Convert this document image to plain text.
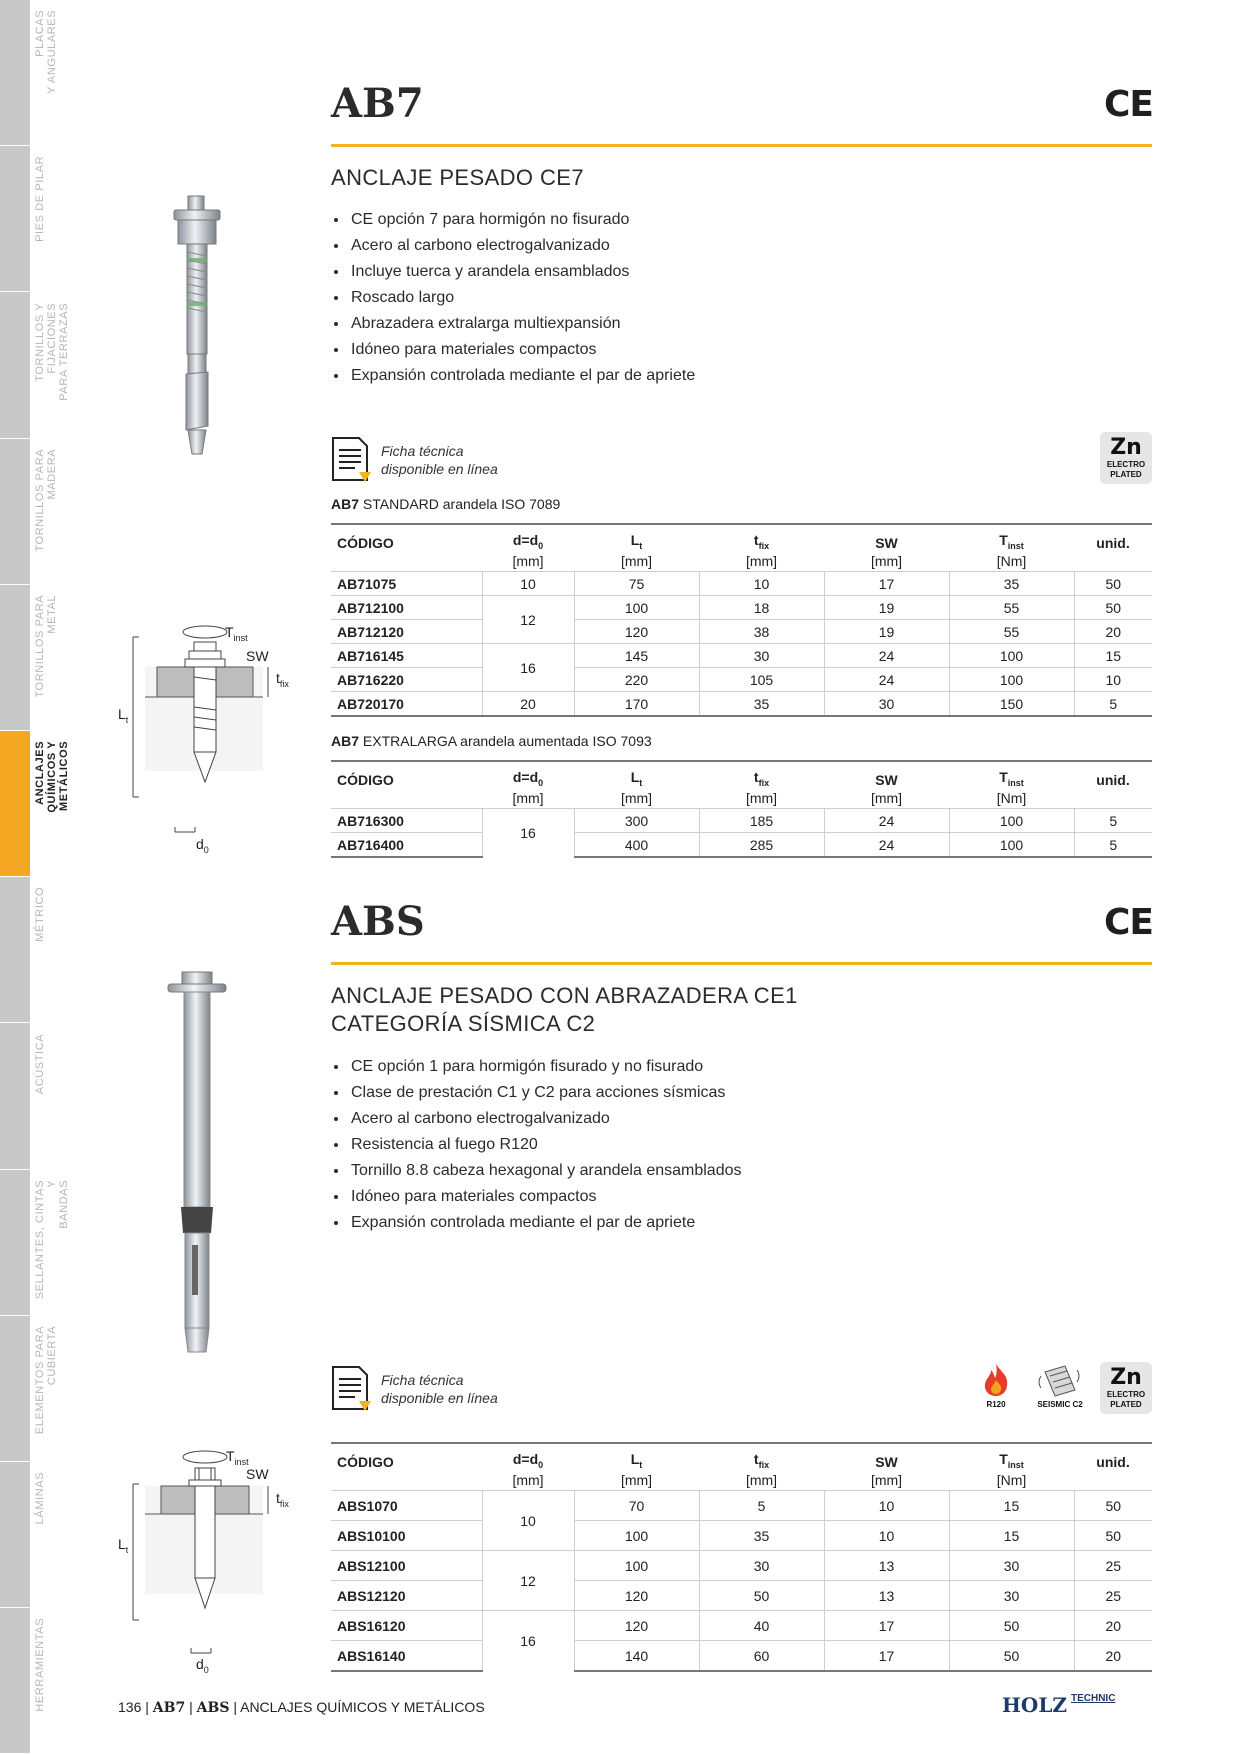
AB7	CE
ANCLAJE PESADO CE7
• CE opción 7 para hormigón no fisurado
• Acero al carbono electrogalvanizado
• Incluye tuerca y arandela ensamblados
• Roscado largo
• Abrazadera extralarga multiexpansión
• Idóneo para materiales compactos
• Expansión controlada mediante el par de apriete
$T_{inst}$
SW
$t_{fix}$
$L_t$
$d_0$
Ficha técnica
disponible en línea
Zn
ELECTRO
PLATED
AB7 STANDARD arandela ISO 7089
CÓDIGO	$d=d_0$	$L_t$	$t_{fix}$	SW	$T_{inst}$	unid.
	[mm]	[mm]	[mm]	[mm]	[Nm]	
AB71075	10	75	10	17	35	50
AB712100	12	100	18	19	55	50
AB712120		120	38	19	55	20
AB716145	16	145	30	24	100	15
AB716220		220	105	24	100	10
AB720170	20	170	35	30	150	5
AB7 EXTRALARGA arandela aumentada ISO 7093
CÓDIGO	$d=d_0$	$L_t$	$t_{fix}$	SW	$T_{inst}$	unid.
	[mm]	[mm]	[mm]	[mm]	[Nm]	
AB716300	16	300	185	24	100	5
AB716400		400	285	24	100	5
ABS	CE
ANCLAJE PESADO CON ABRAZADERA CE1
CATEGORÍA SÍSMICA C2
• CE opción 1 para hormigón fisurado y no fisurado
• Clase de prestación C1 y C2 para acciones sísmicas
• Acero al carbono electrogalvanizado
• Resistencia al fuego R120
• Tornillo 8.8 cabeza hexagonal y arandela ensamblados
• Idóneo para materiales compactos
• Expansión controlada mediante el par de apriete
$T_{inst}$
SW
$t_{fix}$
$L_t$
$d_0$
Ficha técnica
disponible en línea	R120	SEISMIC C2
Zn
ELECTRO
PLATED
CÓDIGO	$d=d_0$	$L_t$	$t_{fix}$	SW	$T_{inst}$	unid.
	[mm]	[mm]	[mm]	[mm]	[Nm]	
ABS1070	10	70	5	10	15	50
ABS10100		100	35	10	15	50
ABS12100	12	100	30	13	30	25
ABS12120		120	50	13	30	25
ABS16120	16	120	40	17	50	20
ABS16140		140	60	17	50	20
136 | AB7 | ABS | ANCLAJES QUÍMICOS Y METÁLICOS	HOLZ $^{TECHNIC}$
PLACAS
Y ANGULARES
PIES DE PILAR
TORNILLOS Y
FIJACIONES
PARA TERRAZAS
TORNILLOS PARA
MADERA
TORNILLOS PARA
METAL
ANCLAJES QUÍMICOS Y
METÁLICOS
MÉTRICO
ACÚSTICA
SELLANTES, CINTAS Y
BANDAS
ELEMENTOS PARA
CUBIERTA
LÁMINAS
HERRAMIENTAS
